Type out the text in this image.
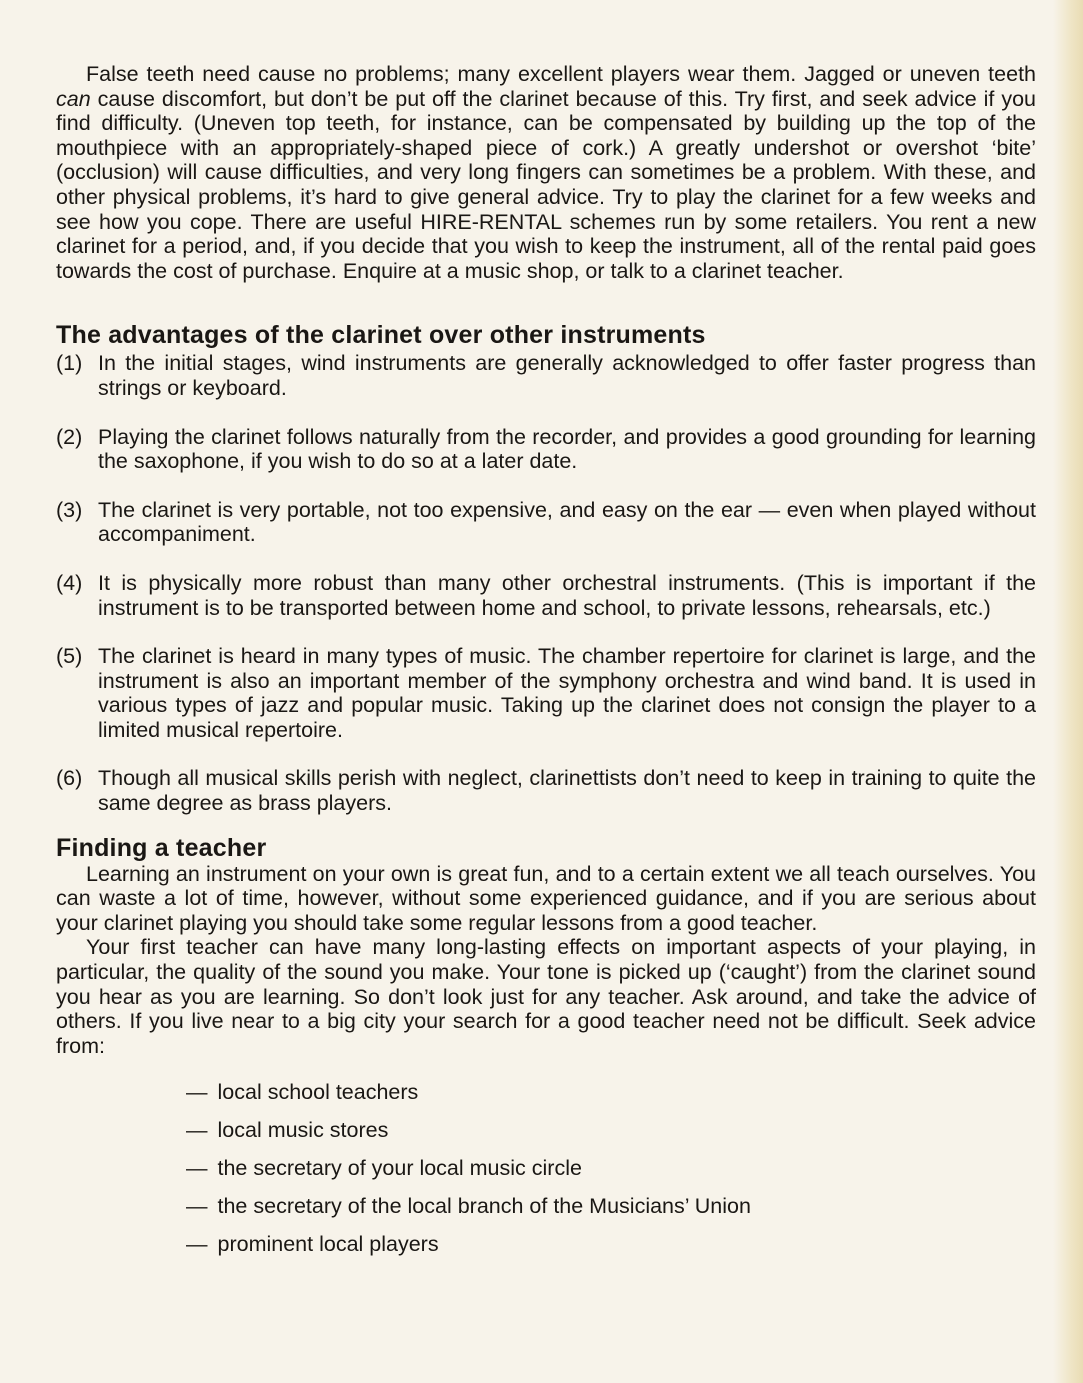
False teeth need cause no problems; many excellent players wear them. Jagged or uneven teeth can cause discomfort, but don’t be put off the clarinet because of this. Try first, and seek advice if you find difficulty. (Uneven top teeth, for instance, can be compensated by building up the top of the mouthpiece with an appropriately-shaped piece of cork.) A greatly undershot or overshot ‘bite’ (occlusion) will cause difficulties, and very long fingers can sometimes be a problem. With these, and other physical problems, it’s hard to give general advice. Try to play the clarinet for a few weeks and see how you cope. There are useful HIRE-RENTAL schemes run by some retailers. You rent a new clarinet for a period, and, if you decide that you wish to keep the instrument, all of the rental paid goes towards the cost of purchase. Enquire at a music shop, or talk to a clarinet teacher.

The advantages of the clarinet over other instruments
(1) In the initial stages, wind instruments are generally acknowledged to offer faster progress than strings or keyboard.
(2) Playing the clarinet follows naturally from the recorder, and provides a good grounding for learning the saxophone, if you wish to do so at a later date.
(3) The clarinet is very portable, not too expensive, and easy on the ear — even when played without accompaniment.
(4) It is physically more robust than many other orchestral instruments. (This is important if the instrument is to be transported between home and school, to private lessons, rehearsals, etc.)
(5) The clarinet is heard in many types of music. The chamber repertoire for clarinet is large, and the instrument is also an important member of the symphony orchestra and wind band. It is used in various types of jazz and popular music. Taking up the clarinet does not consign the player to a limited musical repertoire.
(6) Though all musical skills perish with neglect, clarinettists don’t need to keep in training to quite the same degree as brass players.
Finding a teacher

Learning an instrument on your own is great fun, and to a certain extent we all teach ourselves. You can waste a lot of time, however, without some experienced guidance, and if you are serious about your clarinet playing you should take some regular lessons from a good teacher.

Your first teacher can have many long-lasting effects on important aspects of your playing, in particular, the quality of the sound you make. Your tone is picked up (‘caught’) from the clarinet sound you hear as you are learning. So don’t look just for any teacher. Ask around, and take the advice of others. If you live near to a big city your search for a good teacher need not be difficult. Seek advice from:

— local school teachers
— local music stores
— the secretary of your local music circle
— the secretary of the local branch of the Musicians’ Union
— prominent local players
